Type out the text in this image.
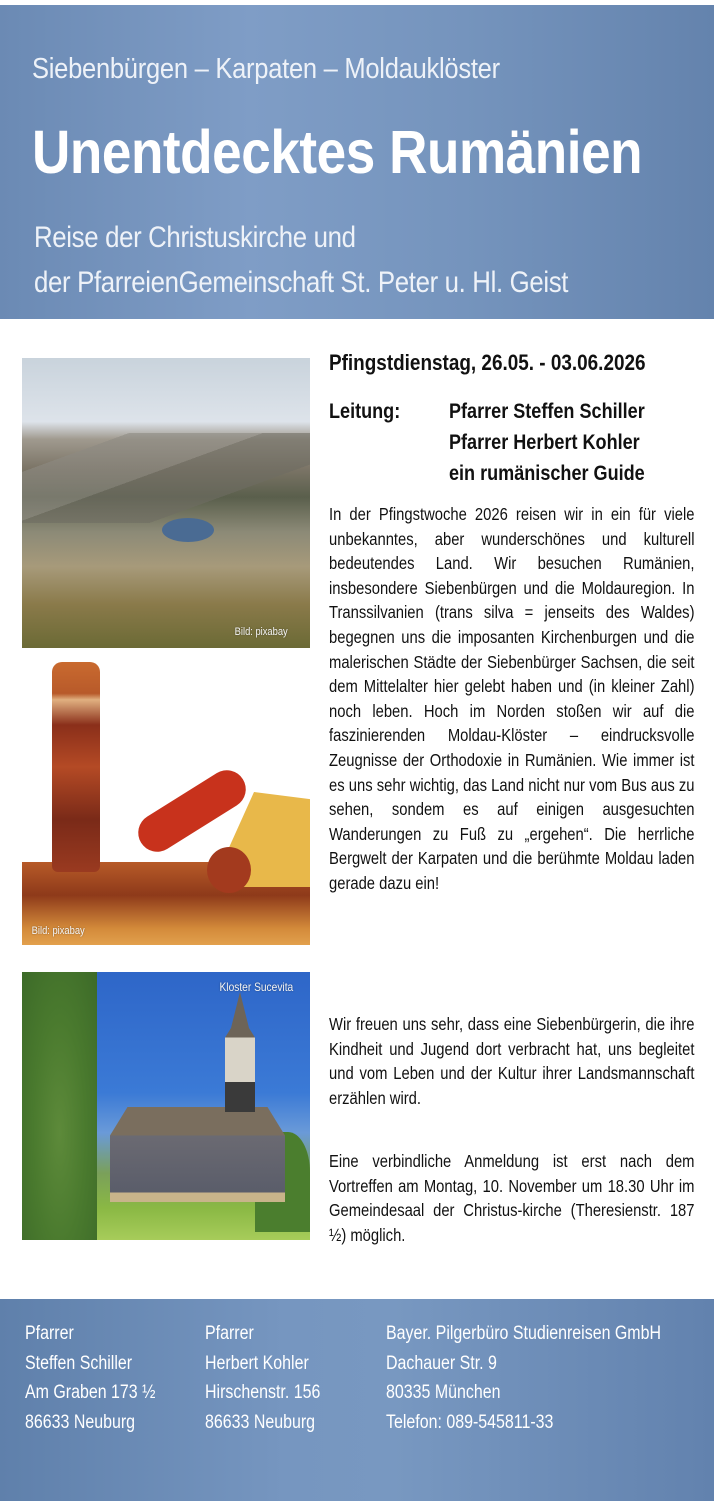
Siebenbürgen – Karpaten – Moldauklöster
Unentdecktes Rumänien
Reise der Christuskirche und
der PfarreienGemeinschaft St. Peter u. Hl. Geist
Bild: pixabay
Bild: pixabay
Kloster Sucevita
Pfingstdienstag, 26.05. - 03.06.2026
Leitung: Pfarrer Steffen Schiller
Pfarrer Herbert Kohler
ein rumänischer Guide
In der Pfingstwoche 2026 reisen wir in ein für viele unbekanntes, aber wunderschönes und kulturell bedeutendes Land. Wir besuchen Rumänien, insbesondere Siebenbürgen und die Moldauregion. In Transsilvanien (trans silva = jenseits des Waldes) begegnen uns die imposanten Kirchenburgen und die malerischen Städte der Siebenbürger Sachsen, die seit dem Mittelalter hier gelebt haben und (in kleiner Zahl) noch leben. Hoch im Norden stoßen wir auf die faszinierenden Moldau-Klöster – eindrucksvolle Zeugnisse der Orthodoxie in Rumänien. Wie immer ist es uns sehr wichtig, das Land nicht nur vom Bus aus zu sehen, sondem es auf einigen ausgesuchten Wanderungen zu Fuß zu „ergehen“. Die herrliche Bergwelt der Karpaten und die berühmte Moldau laden gerade dazu ein!
Wir freuen uns sehr, dass eine Siebenbürgerin, die ihre Kindheit und Jugend dort verbracht hat, uns begleitet und vom Leben und der Kultur ihrer Landsmannschaft erzählen wird.
Eine verbindliche Anmeldung ist erst nach dem Vortreffen am Montag, 10. November um 18.30 Uhr im Gemeindesaal der Christus-kirche (Theresienstr. 187 ½) möglich.
Pfarrer
Steffen Schiller
Am Graben 173 ½
86633 Neuburg
Pfarrer
Herbert Kohler
Hirschenstr. 156
86633 Neuburg
Bayer. Pilgerbüro Studienreisen GmbH
Dachauer Str. 9
80335 München
Telefon: 089-545811-33
